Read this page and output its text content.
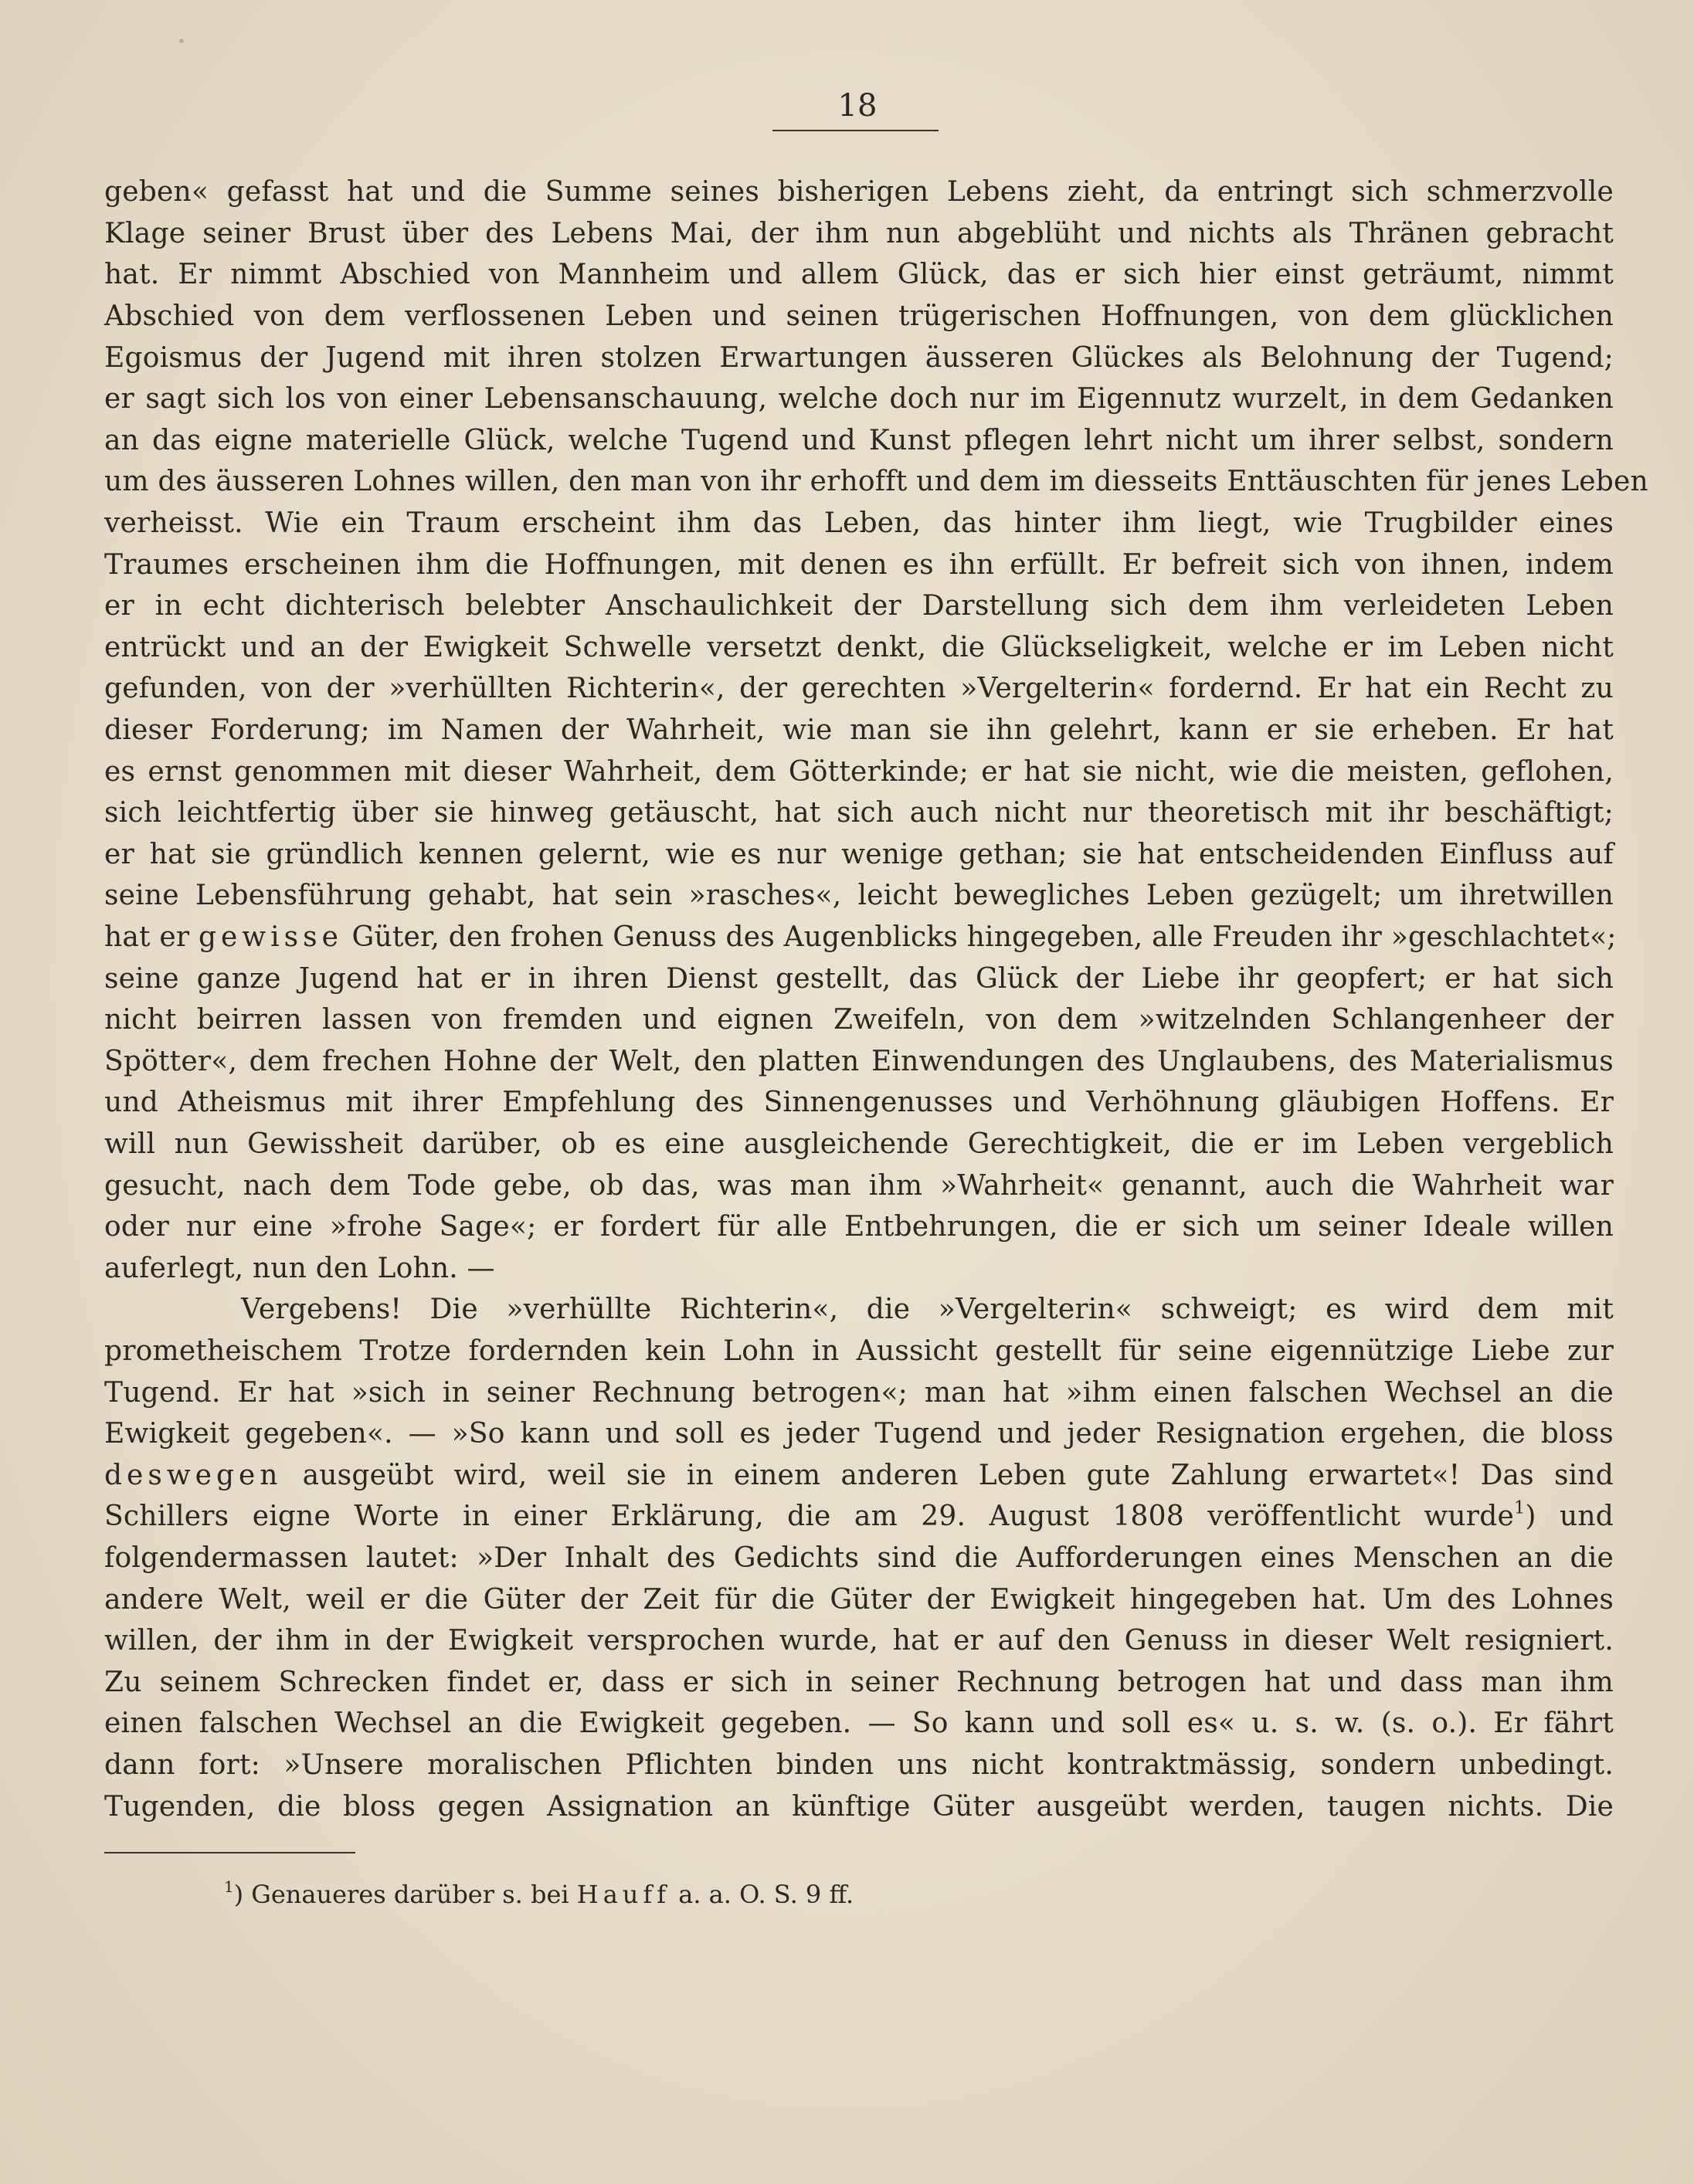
18
geben« gefasst hat und die Summe seines bisherigen Lebens zieht, da entringt sich schmerzvolle
Klage seiner Brust über des Lebens Mai, der ihm nun abgeblüht und nichts als Thränen gebracht
hat. Er nimmt Abschied von Mannheim und allem Glück, das er sich hier einst geträumt, nimmt
Abschied von dem verflossenen Leben und seinen trügerischen Hoffnungen, von dem glücklichen
Egoismus der Jugend mit ihren stolzen Erwartungen äusseren Glückes als Belohnung der Tugend;
er sagt sich los von einer Lebensanschauung, welche doch nur im Eigennutz wurzelt, in dem Gedanken
an das eigne materielle Glück, welche Tugend und Kunst pflegen lehrt nicht um ihrer selbst, sondern
um des äusseren Lohnes willen, den man von ihr erhofft und dem im diesseits Enttäuschten für jenes Leben
verheisst. Wie ein Traum erscheint ihm das Leben, das hinter ihm liegt, wie Trugbilder eines
Traumes erscheinen ihm die Hoffnungen, mit denen es ihn erfüllt. Er befreit sich von ihnen, indem
er in echt dichterisch belebter Anschaulichkeit der Darstellung sich dem ihm verleideten Leben
entrückt und an der Ewigkeit Schwelle versetzt denkt, die Glückseligkeit, welche er im Leben nicht
gefunden, von der »verhüllten Richterin«, der gerechten »Vergelterin« fordernd. Er hat ein Recht zu
dieser Forderung; im Namen der Wahrheit, wie man sie ihn gelehrt, kann er sie erheben. Er hat
es ernst genommen mit dieser Wahrheit, dem Götterkinde; er hat sie nicht, wie die meisten, geflohen,
sich leichtfertig über sie hinweg getäuscht, hat sich auch nicht nur theoretisch mit ihr beschäftigt;
er hat sie gründlich kennen gelernt, wie es nur wenige gethan; sie hat entscheidenden Einfluss auf
seine Lebensführung gehabt, hat sein »rasches«, leicht bewegliches Leben gezügelt; um ihretwillen
hat er gewisse Güter, den frohen Genuss des Augenblicks hingegeben, alle Freuden ihr »geschlachtet«;
seine ganze Jugend hat er in ihren Dienst gestellt, das Glück der Liebe ihr geopfert; er hat sich
nicht beirren lassen von fremden und eignen Zweifeln, von dem »witzelnden Schlangenheer der
Spötter«, dem frechen Hohne der Welt, den platten Einwendungen des Unglaubens, des Materialismus
und Atheismus mit ihrer Empfehlung des Sinnengenusses und Verhöhnung gläubigen Hoffens. Er
will nun Gewissheit darüber, ob es eine ausgleichende Gerechtigkeit, die er im Leben vergeblich
gesucht, nach dem Tode gebe, ob das, was man ihm »Wahrheit« genannt, auch die Wahrheit war
oder nur eine »frohe Sage«; er fordert für alle Entbehrungen, die er sich um seiner Ideale willen
auferlegt, nun den Lohn. —
Vergebens! Die »verhüllte Richterin«, die »Vergelterin« schweigt; es wird dem mit
prometheischem Trotze fordernden kein Lohn in Aussicht gestellt für seine eigennützige Liebe zur
Tugend. Er hat »sich in seiner Rechnung betrogen«; man hat »ihm einen falschen Wechsel an die
Ewigkeit gegeben«. — »So kann und soll es jeder Tugend und jeder Resignation ergehen, die bloss
deswegen ausgeübt wird, weil sie in einem anderen Leben gute Zahlung erwartet«! Das sind
Schillers eigne Worte in einer Erklärung, die am 29. August 1808 veröffentlicht wurde$^1$) und
folgendermassen lautet: »Der Inhalt des Gedichts sind die Aufforderungen eines Menschen an die
andere Welt, weil er die Güter der Zeit für die Güter der Ewigkeit hingegeben hat. Um des Lohnes
willen, der ihm in der Ewigkeit versprochen wurde, hat er auf den Genuss in dieser Welt resigniert.
Zu seinem Schrecken findet er, dass er sich in seiner Rechnung betrogen hat und dass man ihm
einen falschen Wechsel an die Ewigkeit gegeben. — So kann und soll es« u. s. w. (s. o.). Er fährt
dann fort: »Unsere moralischen Pflichten binden uns nicht kontraktmässig, sondern unbedingt.
Tugenden, die bloss gegen Assignation an künftige Güter ausgeübt werden, taugen nichts. Die
$^1$) Genaueres darüber s. bei Hauff a. a. O. S. 9 ff.
